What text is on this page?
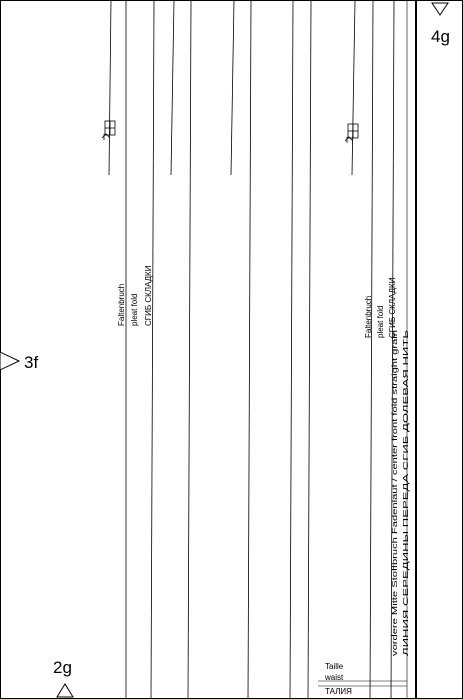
4g
3f
2g
Faltenbruch pleat fold СГИБ СКЛАДКИ	Faltenbruch pleat fold СГИБ СКЛАДКИ
vordere Mitte Stoffbruch Fadenlauf / center front fold straight grain ЛИНИЯ СЕРЕДИНЫ ПЕРЕДА СГИБ ДОЛЕВАЯ НИТЬ
Taille
waist
ТАЛИЯ
